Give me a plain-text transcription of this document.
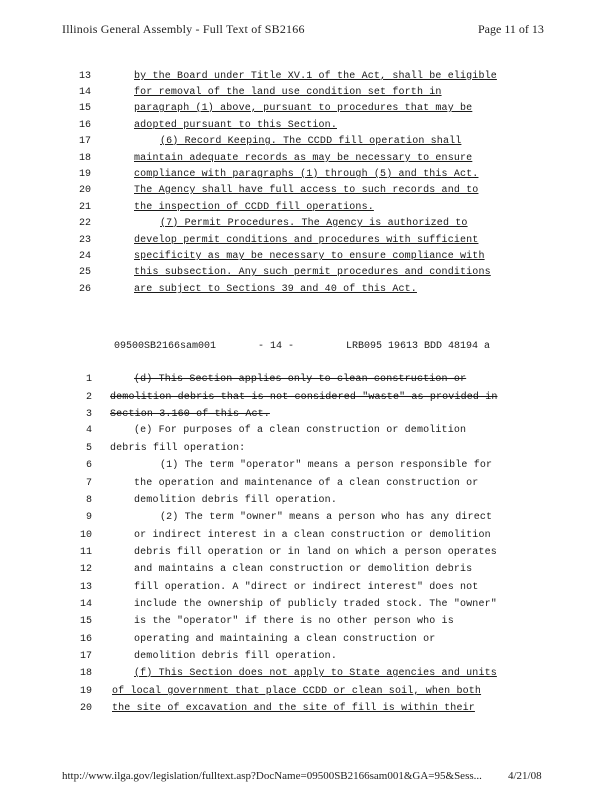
Illinois General Assembly - Full Text of SB2166	Page 11 of 13
13	by the Board under Title XV.1 of the Act, shall be eligible
14	for removal of the land use condition set forth in
15	paragraph (1) above, pursuant to procedures that may be
16	adopted pursuant to this Section.
17	(6) Record Keeping. The CCDD fill operation shall
18	maintain adequate records as may be necessary to ensure
19	compliance with paragraphs (1) through (5) and this Act.
20	The Agency shall have full access to such records and to
21	the inspection of CCDD fill operations.
22	(7) Permit Procedures. The Agency is authorized to
23	develop permit conditions and procedures with sufficient
24	specificity as may be necessary to ensure compliance with
25	this subsection. Any such permit procedures and conditions
26	are subject to Sections 39 and 40 of this Act.
09500SB2166sam001	- 14 -	LRB095 19613 BDD 48194 a
1	(d) This Section applies only to clean construction or
2 demolition debris that is not considered "waste" as provided in
3 Section 3.160 of this Act.
4	(e) For purposes of a clean construction or demolition
5 debris fill operation:
6	(1) The term "operator" means a person responsible for
7	the operation and maintenance of a clean construction or
8	demolition debris fill operation.
9	(2) The term "owner" means a person who has any direct
10	or indirect interest in a clean construction or demolition
11	debris fill operation or in land on which a person operates
12	and maintains a clean construction or demolition debris
13	fill operation. A "direct or indirect interest" does not
14	include the ownership of publicly traded stock. The "owner"
15	is the "operator" if there is no other person who is
16	operating and maintaining a clean construction or
17	demolition debris fill operation.
18	(f) This Section does not apply to State agencies and units
19 of local government that place CCDD or clean soil, when both
20 the site of excavation and the site of fill is within their
http://www.ilga.gov/legislation/fulltext.asp?DocName=09500SB2166sam001&GA=95&Sess... 4/21/08
